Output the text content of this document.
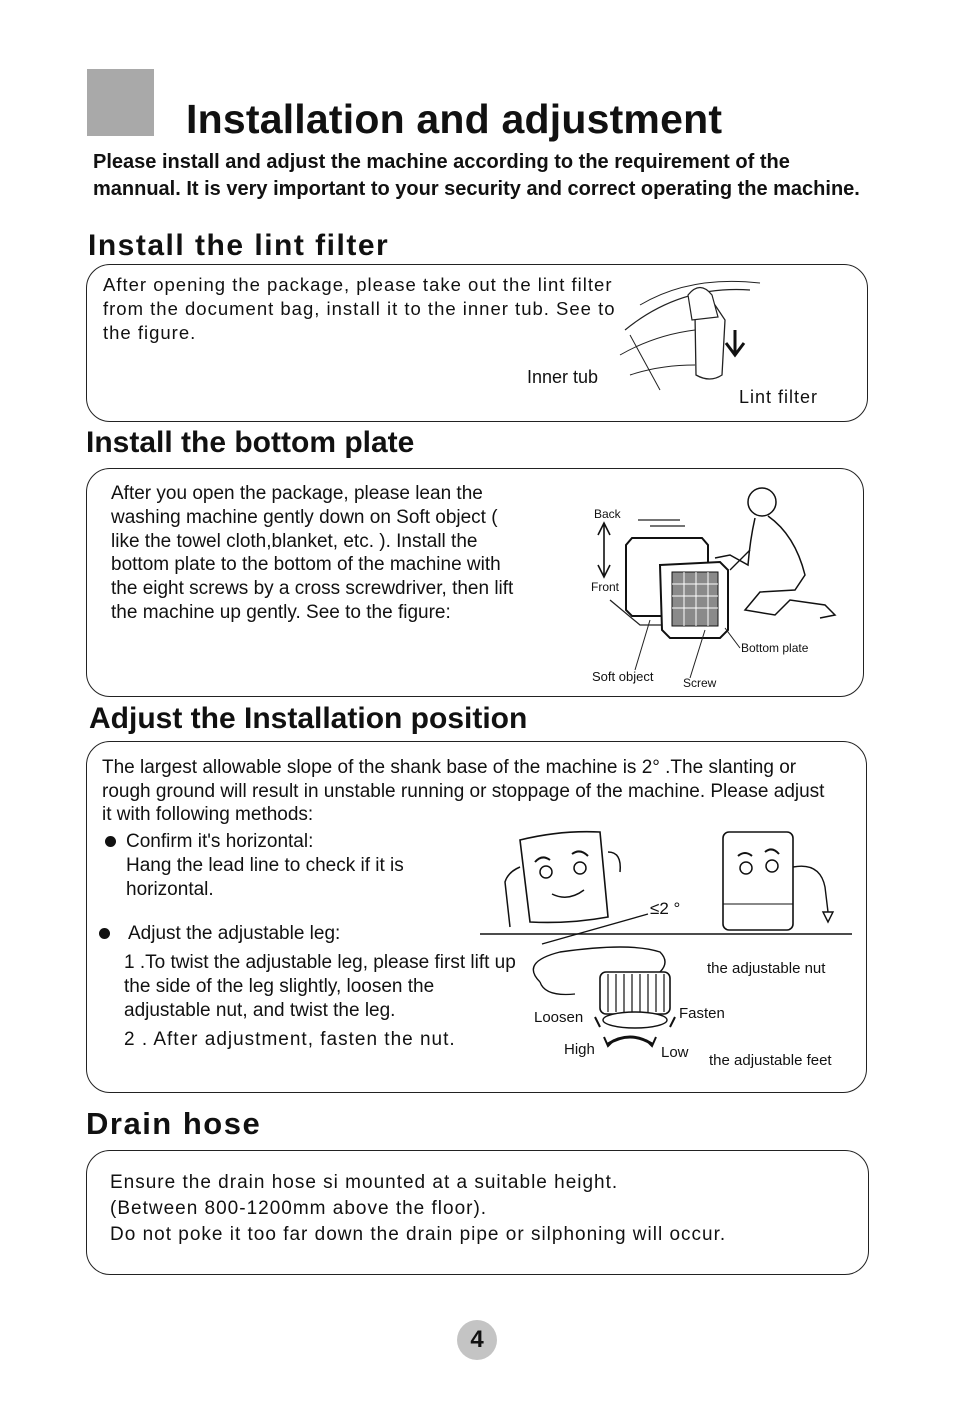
Installation and adjustment
Please install and adjust the machine according to the requirement of the mannual. It is very important to your security and correct operating the machine.
Install the lint filter
After opening the package, please take out the lint filter from the document bag, install it to the inner tub. See to the figure.
Inner tub
Lint filter
Install the bottom plate
After you open the package, please lean the washing machine gently down on Soft object ( like the towel cloth,blanket, etc. ). Install the bottom plate to the bottom of the machine with the eight screws by a cross screwdriver, then lift the machine up gently. See to the figure:
Back
Front
Bottom plate
Soft object Screw
Adjust the Installation position
The largest allowable slope of the shank base of the machine is 2° .The slanting or rough ground will result in unstable running or stoppage of the machine. Please adjust it with following methods:
Confirm it's horizontal:
Hang the lead line to check if it is horizontal.
Adjust the adjustable leg:
1 .To twist the adjustable leg, please first lift up the side of the leg slightly, loosen the adjustable nut, and twist the leg.
2 . After adjustment, fasten the nut.
≤2 °
the adjustable nut
Fasten
Loosen
High	Low the adjustable feet
Drain hose
Ensure the drain hose si mounted at a suitable height.
(Between 800-1200mm above the floor).
Do not poke it too far down the drain pipe or silphoning will occur.
4
